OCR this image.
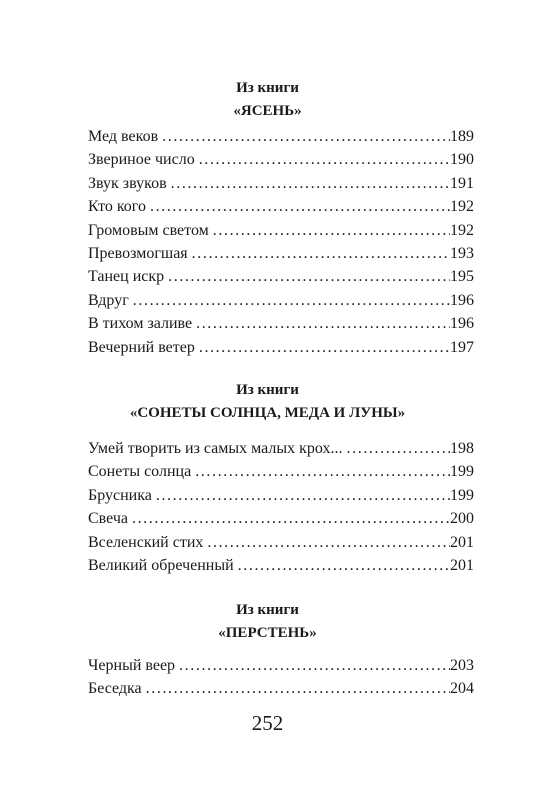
Из книги
«ЯСЕНЬ»
Мед веков . . .	189
Звериное число . . .	190
Звук звуков . . .	191
Кто кого . . .	192
Громовым светом . . .	192
Превозмогшая . . .	193
Танец искр . . .	195
Вдруг . . .	196
В тихом заливе . . .	196
Вечерний ветер . . .	197
Из книги
«СОНЕТЫ СОЛНЦА, МЕДА И ЛУНЫ»
Умей творить из самых малых крох... . . .	198
Сонеты солнца . . .	199
Брусника . . .	199
Свеча . . .	200
Вселенский стих . . .	201
Великий обреченный . . .	201
Из книги
«ПЕРСТЕНЬ»
Черный веер . . .	203
Беседка . . .	204
252
